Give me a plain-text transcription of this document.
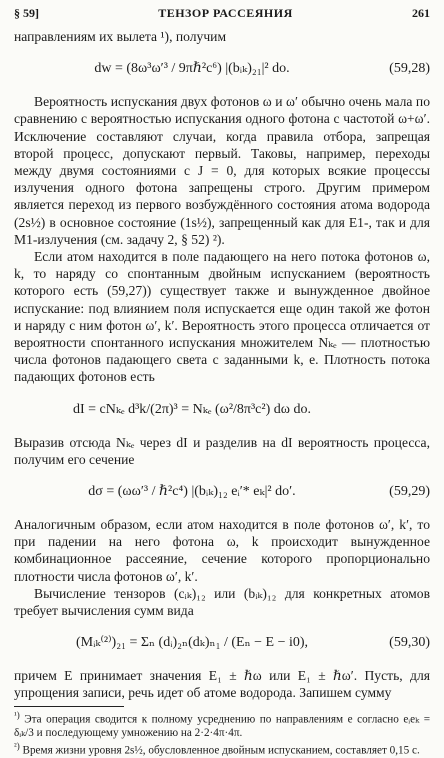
§ 59]	ТЕНЗОР РАССЕЯНИЯ	261

направлениям их вылета ¹), получим

dw = (8ω³ω′³ / 9πℏ²c⁶) |(bᵢₖ)₂₁|² do.	(59,28)

Вероятность испускания двух фотонов ω и ω′ обычно очень мала по сравнению с вероятностью испускания одного фотона с частотой ω+ω′. Исключение составляют случаи, когда правила отбора, запрещая второй процесс, допускают первый. Таковы, например, переходы между двумя состояниями с J = 0, для которых всякие процессы излучения одного фотона запрещены строго. Другим примером является переход из первого возбуждённого состояния атома водорода (2s½) в основное состояние (1s½), запрещенный как для E1-, так и для M1-излучения (см. задачу 2, § 52) ²).

Если атом находится в поле падающего на него потока фотонов ω, k, то наряду со спонтанным двойным испусканием (вероятность которого есть (59,27)) существует также и вынужденное двойное испускание: под влиянием поля испускается еще один такой же фотон и наряду с ним фотон ω′, k′. Вероятность этого процесса отличается от вероятности спонтанного испускания множителем Nₖₑ — плотностью числа фотонов падающего света с заданными k, e. Плотность потока падающих фотонов есть

dI = cNₖₑ d³k/(2π)³ = Nₖₑ (ω²/8π³c²) dω do.

Выразив отсюда Nₖₑ через dI и разделив на dI вероятность процесса, получим его сечение

dσ = (ωω′³ / ℏ²c⁴) |(bᵢₖ)₁₂ eᵢ′* eₖ|² do′.	(59,29)

Аналогичным образом, если атом находится в поле фотонов ω′, k′, то при падении на него фотона ω, k происходит вынужденное комбинационное рассеяние, сечение которого пропорционально плотности числа фотонов ω′, k′.

Вычисление тензоров (cᵢₖ)₁₂ или (bᵢₖ)₁₂ для конкретных атомов требует вычисления сумм вида

(Mᵢₖ⁽²⁾)₂₁ = Σₙ (dᵢ)₂ₙ(dₖ)ₙ₁ / (Eₙ − E − i0),	(59,30)

причем E принимает значения E₁ ± ℏω или E₁ ± ℏω′. Пусть, для упрощения записи, речь идет об атоме водорода. Запишем сумму

$^{^1)}$ Эта операция сводится к полному усреднению по направлениям e согласно eᵢeₖ = δᵢₖ/3 и последующему умножению на 2·2·4π·4π.

$^{^2)}$ Время жизни уровня 2s½, обусловленное двойным испусканием, составляет 0,15 с.
